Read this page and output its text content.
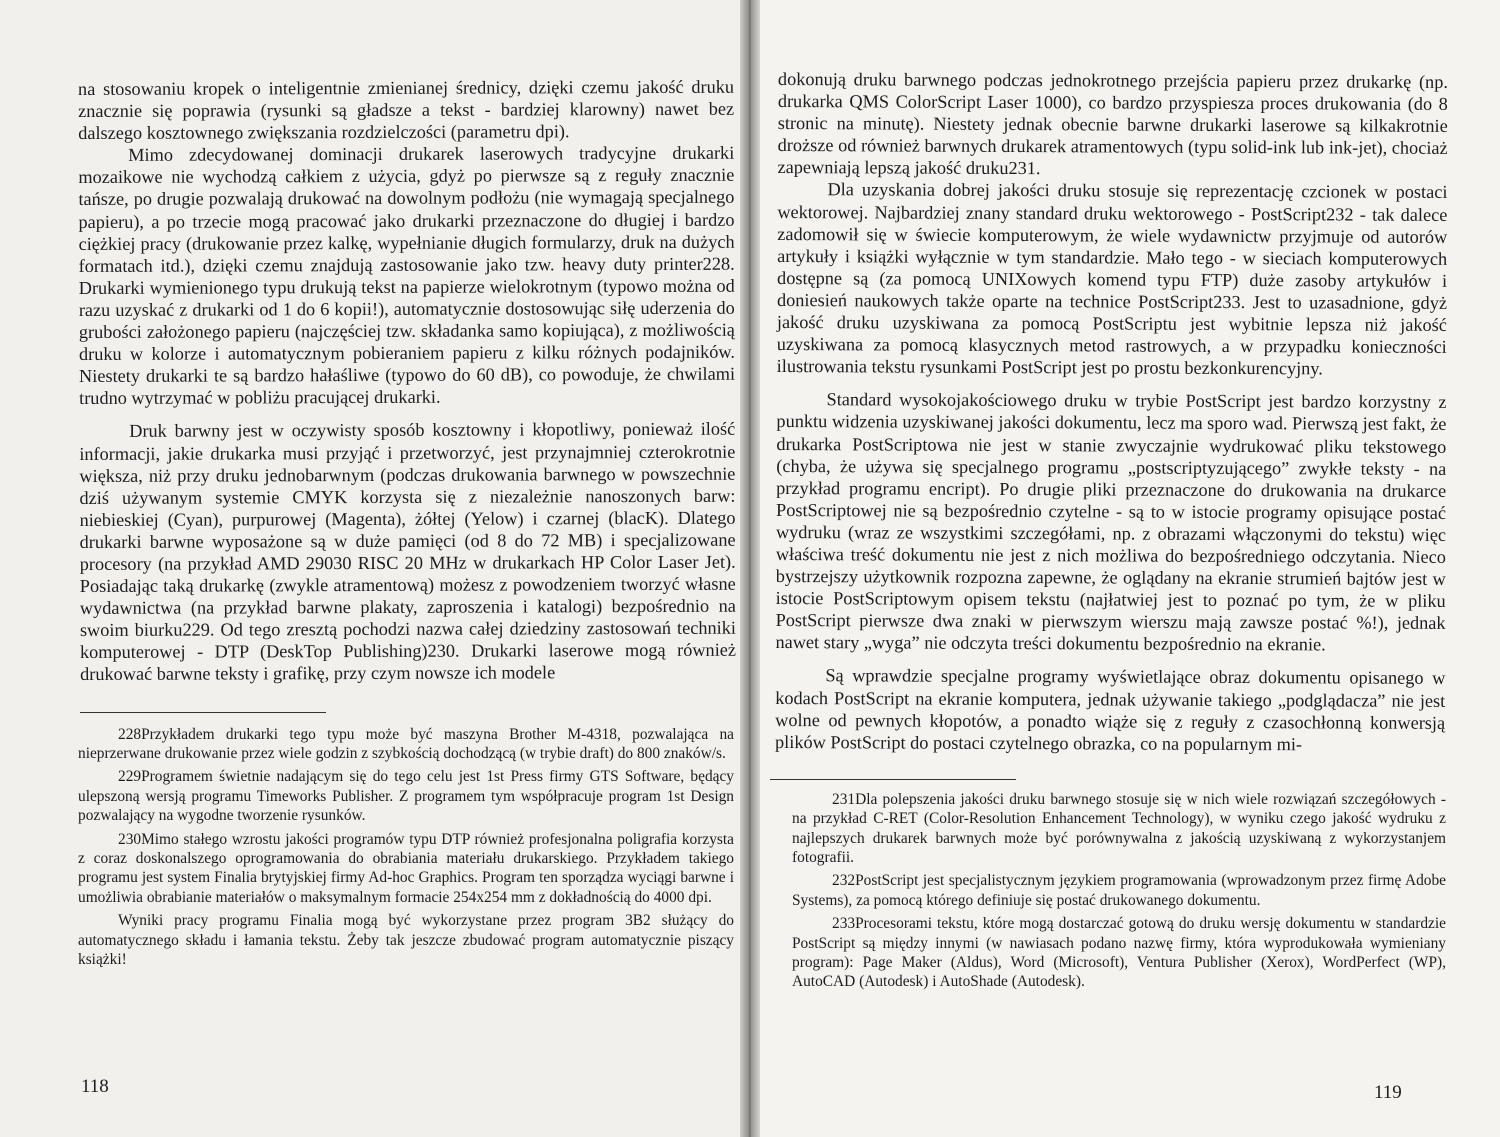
na stosowaniu kropek o inteligentnie zmienianej średnicy, dzięki czemu jakość druku znacznie się poprawia (rysunki są gładsze a tekst - bardziej klarowny) nawet bez dalszego kosztownego zwiększania rozdzielczości (parametru dpi).

Mimo zdecydowanej dominacji drukarek laserowych tradycyjne drukarki mozaikowe nie wychodzą całkiem z użycia, gdyż po pierwsze są z reguły znacznie tańsze, po drugie pozwalają drukować na dowolnym podłożu (nie wymagają specjalnego papieru), a po trzecie mogą pracować jako drukarki przeznaczone do długiej i bardzo ciężkiej pracy (drukowanie przez kalkę, wypełnianie długich formularzy, druk na dużych formatach itd.), dzięki czemu znajdują zastosowanie jako tzw. heavy duty printer228. Drukarki wymienionego typu drukują tekst na papierze wielokrotnym (typowo można od razu uzyskać z drukarki od 1 do 6 kopii!), automatycznie dostosowując siłę uderzenia do grubości założonego papieru (najczęściej tzw. składanka samo kopiująca), z możliwością druku w kolorze i automatycznym pobieraniem papieru z kilku różnych podajników. Niestety drukarki te są bardzo hałaśliwe (typowo do 60 dB), co powoduje, że chwilami trudno wytrzymać w pobliżu pracującej drukarki.

Druk barwny jest w oczywisty sposób kosztowny i kłopotliwy, ponieważ ilość informacji, jakie drukarka musi przyjąć i przetworzyć, jest przynajmniej czterokrotnie większa, niż przy druku jednobarwnym (podczas drukowania barwnego w powszechnie dziś używanym systemie CMYK korzysta się z niezależnie nanoszonych barw: niebieskiej (Cyan), purpurowej (Magenta), żółtej (Yelow) i czarnej (blacK). Dlatego drukarki barwne wyposażone są w duże pamięci (od 8 do 72 MB) i specjalizowane procesory (na przykład AMD 29030 RISC 20 MHz w drukarkach HP Color Laser Jet). Posiadając taką drukarkę (zwykle atramentową) możesz z powodzeniem tworzyć własne wydawnictwa (na przykład barwne plakaty, zaproszenia i katalogi) bezpośrednio na swoim biurku229. Od tego zresztą pochodzi nazwa całej dziedziny zastosowań techniki komputerowej - DTP (DeskTop Publishing)230. Drukarki laserowe mogą również drukować barwne teksty i grafikę, przy czym nowsze ich modele

228Przykładem drukarki tego typu może być maszyna Brother M-4318, pozwalająca na nieprzerwane drukowanie przez wiele godzin z szybkością dochodzącą (w trybie draft) do 800 znaków/s.

229Programem świetnie nadającym się do tego celu jest 1st Press firmy GTS Software, będący ulepszoną wersją programu Timeworks Publisher. Z programem tym współpracuje program 1st Design pozwalający na wygodne tworzenie rysunków.

230Mimo stałego wzrostu jakości programów typu DTP również profesjonalna poligrafia korzysta z coraz doskonalszego oprogramowania do obrabiania materiału drukarskiego. Przykładem takiego programu jest system Finalia brytyjskiej firmy Ad-hoc Graphics. Program ten sporządza wyciągi barwne i umożliwia obrabianie materiałów o maksymalnym formacie 254x254 mm z dokładnością do 4000 dpi.

Wyniki pracy programu Finalia mogą być wykorzystane przez program 3B2 służący do automatycznego składu i łamania tekstu. Żeby tak jeszcze zbudować program automatycznie piszący książki!

118

dokonują druku barwnego podczas jednokrotnego przejścia papieru przez drukarkę (np. drukarka QMS ColorScript Laser 1000), co bardzo przyspiesza proces drukowania (do 8 stronic na minutę). Niestety jednak obecnie barwne drukarki laserowe są kilkakrotnie droższe od również barwnych drukarek atramentowych (typu solid-ink lub ink-jet), chociaż zapewniają lepszą jakość druku231.

Dla uzyskania dobrej jakości druku stosuje się reprezentację czcionek w postaci wektorowej. Najbardziej znany standard druku wektorowego - PostScript232 - tak dalece zadomowił się w świecie komputerowym, że wiele wydawnictw przyjmuje od autorów artykuły i książki wyłącznie w tym standardzie. Mało tego - w sieciach komputerowych dostępne są (za pomocą UNIXowych komend typu FTP) duże zasoby artykułów i doniesień naukowych także oparte na technice PostScript233. Jest to uzasadnione, gdyż jakość druku uzyskiwana za pomocą PostScriptu jest wybitnie lepsza niż jakość uzyskiwana za pomocą klasycznych metod rastrowych, a w przypadku konieczności ilustrowania tekstu rysunkami PostScript jest po prostu bezkonkurencyjny.

Standard wysokojakościowego druku w trybie PostScript jest bardzo korzystny z punktu widzenia uzyskiwanej jakości dokumentu, lecz ma sporo wad. Pierwszą jest fakt, że drukarka PostScriptowa nie jest w stanie zwyczajnie wydrukować pliku tekstowego (chyba, że używa się specjalnego programu „postscriptyzującego” zwykłe teksty - na przykład programu encript). Po drugie pliki przeznaczone do drukowania na drukarce PostScriptowej nie są bezpośrednio czytelne - są to w istocie programy opisujące postać wydruku (wraz ze wszystkimi szczegółami, np. z obrazami włączonymi do tekstu) więc właściwa treść dokumentu nie jest z nich możliwa do bezpośredniego odczytania. Nieco bystrzejszy użytkownik rozpozna zapewne, że oglądany na ekranie strumień bajtów jest w istocie PostScriptowym opisem tekstu (najłatwiej jest to poznać po tym, że w pliku PostScript pierwsze dwa znaki w pierwszym wierszu mają zawsze postać %!), jednak nawet stary „wyga” nie odczyta treści dokumentu bezpośrednio na ekranie.

Są wprawdzie specjalne programy wyświetlające obraz dokumentu opisanego w kodach PostScript na ekranie komputera, jednak używanie takiego „podglądacza” nie jest wolne od pewnych kłopotów, a ponadto wiąże się z reguły z czasochłonną konwersją plików PostScript do postaci czytelnego obrazka, co na popularnym mi-

231Dla polepszenia jakości druku barwnego stosuje się w nich wiele rozwiązań szczegółowych - na przykład C-RET (Color-Resolution Enhancement Technology), w wyniku czego jakość wydruku z najlepszych drukarek barwnych może być porównywalna z jakością uzyskiwaną z wykorzystanjem fotografii.

232PostScript jest specjalistycznym językiem programowania (wprowadzonym przez firmę Adobe Systems), za pomocą którego definiuje się postać drukowanego dokumentu.

233Procesorami tekstu, które mogą dostarczać gotową do druku wersję dokumentu w standardzie PostScript są między innymi (w nawiasach podano nazwę firmy, która wyprodukowała wymieniany program): Page Maker (Aldus), Word (Microsoft), Ventura Publisher (Xerox), WordPerfect (WP), AutoCAD (Autodesk) i AutoShade (Autodesk).

119
